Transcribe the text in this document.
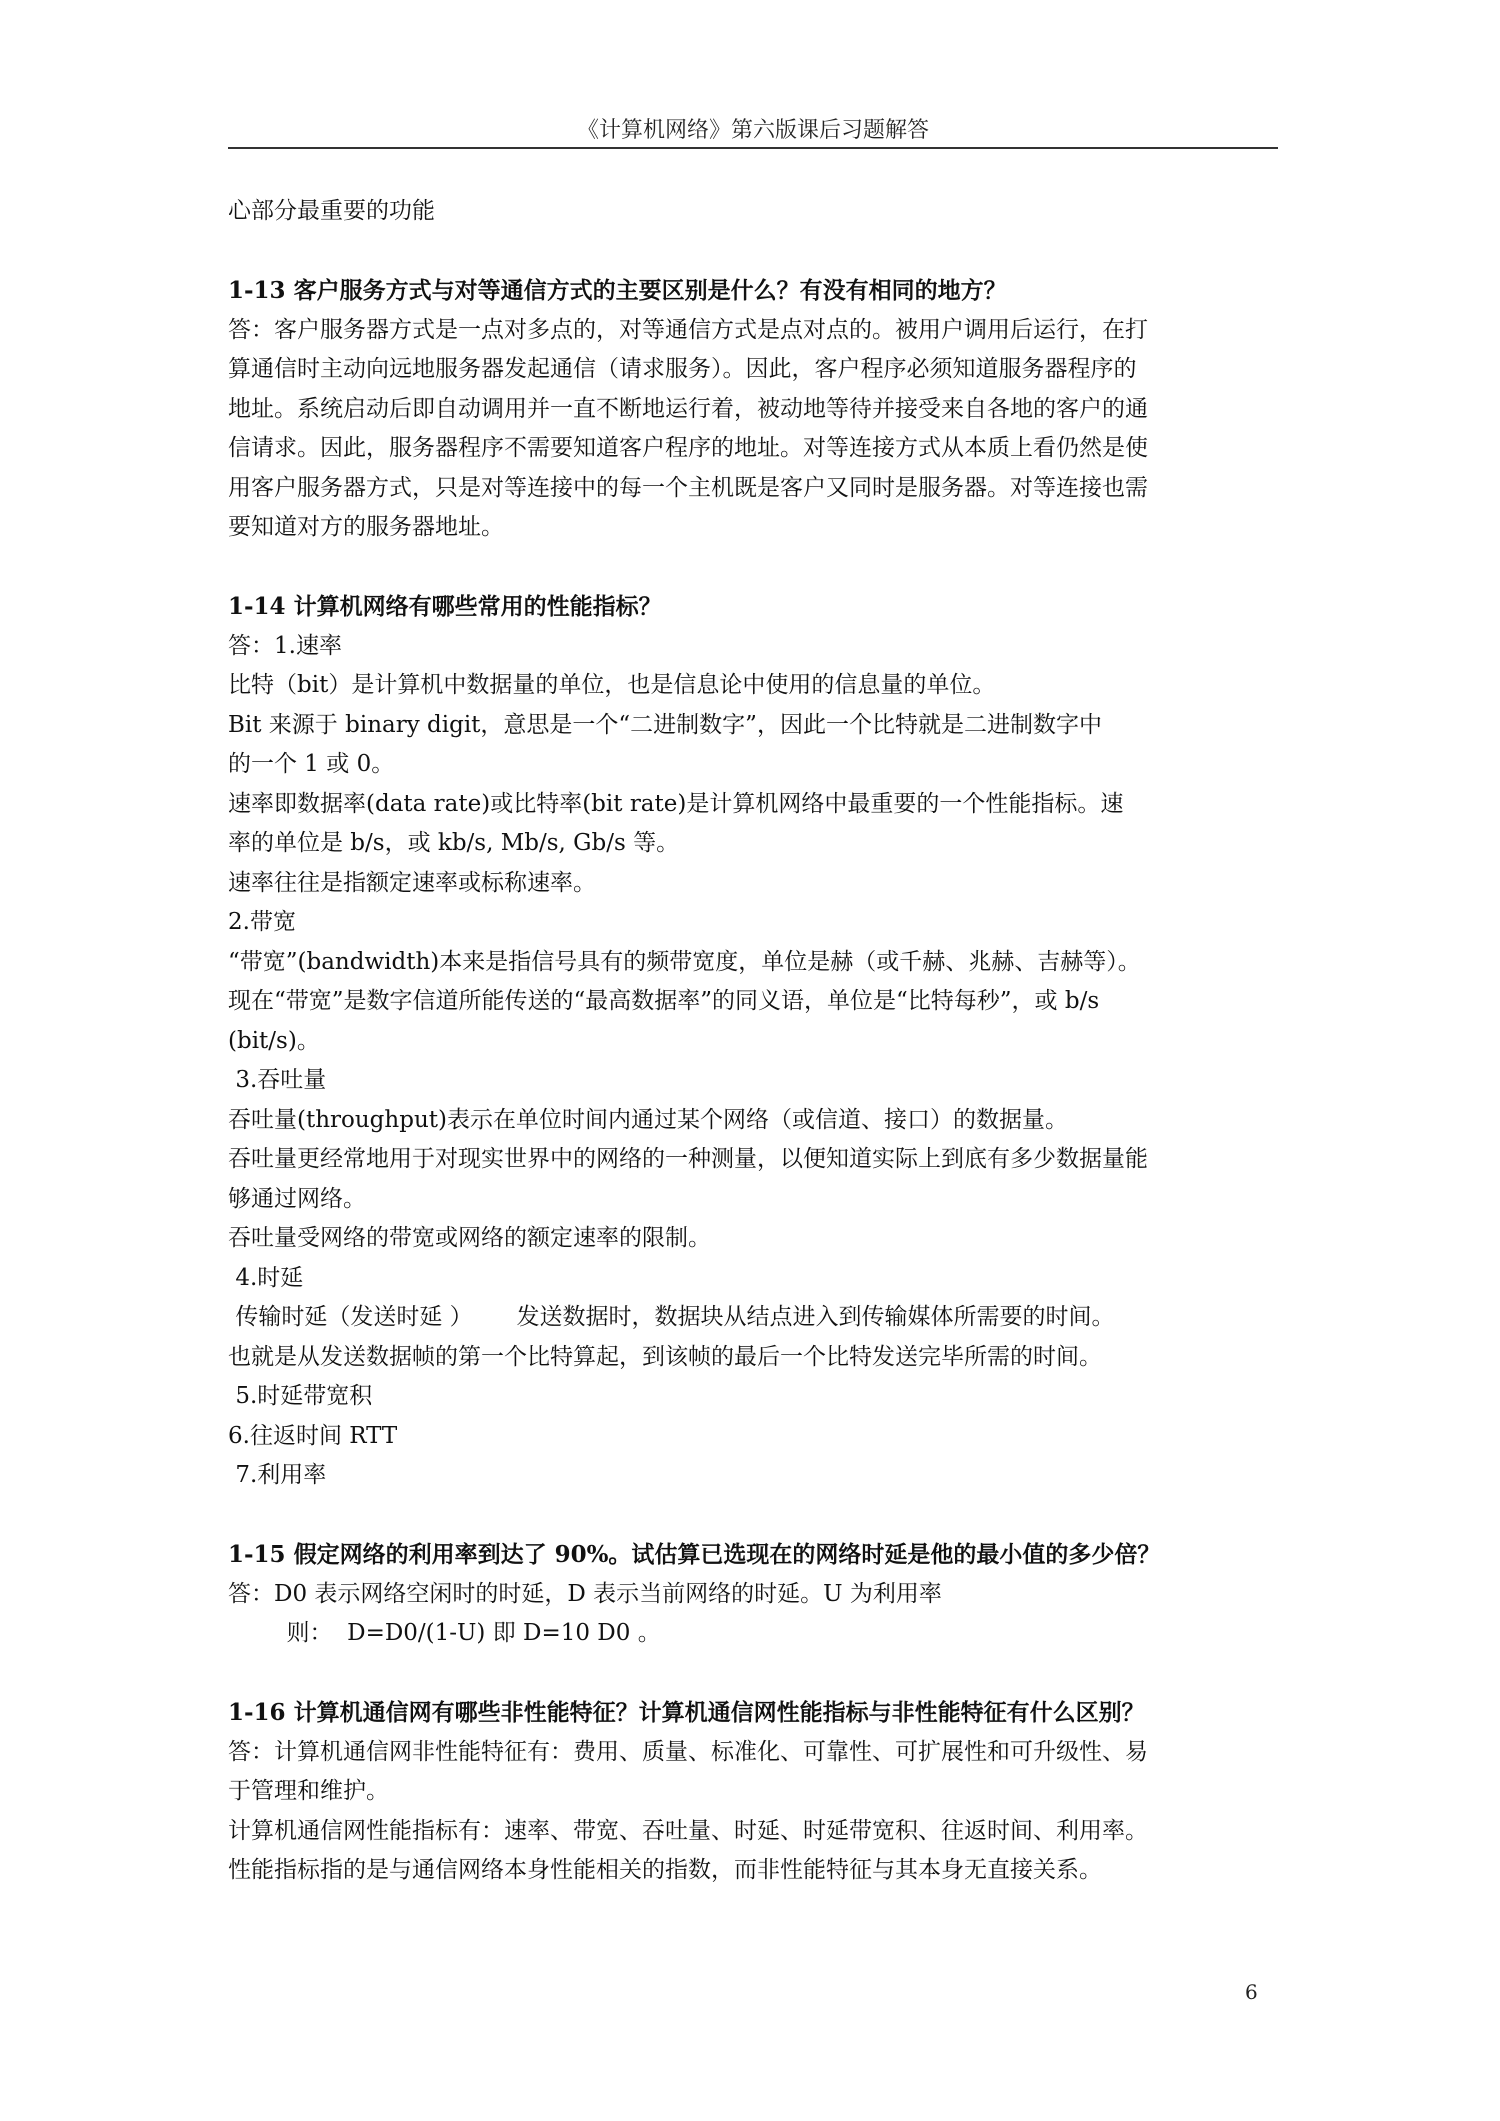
《计算机网络》第六版课后习题解答

心部分最重要的功能

1-13 客户服务方式与对等通信方式的主要区别是什么？有没有相同的地方？

答：客户服务器方式是一点对多点的，对等通信方式是点对点的。被用户调用后运行，在打

算通信时主动向远地服务器发起通信（请求服务）。因此，客户程序必须知道服务器程序的

地址。系统启动后即自动调用并一直不断地运行着，被动地等待并接受来自各地的客户的通

信请求。因此，服务器程序不需要知道客户程序的地址。对等连接方式从本质上看仍然是使

用客户服务器方式，只是对等连接中的每一个主机既是客户又同时是服务器。对等连接也需

要知道对方的服务器地址。

1-14 计算机网络有哪些常用的性能指标？

答：1.速率

比特（bit）是计算机中数据量的单位，也是信息论中使用的信息量的单位。

Bit 来源于 binary digit，意思是一个“二进制数字”，因此一个比特就是二进制数字中

的一个 1 或 0。

速率即数据率(data rate)或比特率(bit rate)是计算机网络中最重要的一个性能指标。速

率的单位是 b/s，或 kb/s, Mb/s, Gb/s 等。

速率往往是指额定速率或标称速率。

2.带宽

“带宽”(bandwidth)本来是指信号具有的频带宽度，单位是赫（或千赫、兆赫、吉赫等）。

现在“带宽”是数字信道所能传送的“最高数据率”的同义语，单位是“比特每秒”，或 b/s

(bit/s)。

3.吞吐量

吞吐量(throughput)表示在单位时间内通过某个网络（或信道、接口）的数据量。

吞吐量更经常地用于对现实世界中的网络的一种测量，以便知道实际上到底有多少数据量能

够通过网络。

吞吐量受网络的带宽或网络的额定速率的限制。

4.时延

传输时延（发送时延 ）      发送数据时，数据块从结点进入到传输媒体所需要的时间。

也就是从发送数据帧的第一个比特算起，到该帧的最后一个比特发送完毕所需的时间。

5.时延带宽积

6.往返时间 RTT

7.利用率

1-15 假定网络的利用率到达了 90%。试估算已选现在的网络时延是他的最小值的多少倍？

答：D0 表示网络空闲时的时延，D 表示当前网络的时延。U 为利用率

则：  D=D0/(1-U) 即 D=10 D0 。

1-16 计算机通信网有哪些非性能特征？计算机通信网性能指标与非性能特征有什么区别？

答：计算机通信网非性能特征有：费用、质量、标准化、可靠性、可扩展性和可升级性、易

于管理和维护。

计算机通信网性能指标有：速率、带宽、吞吐量、时延、时延带宽积、往返时间、利用率。

性能指标指的是与通信网络本身性能相关的指数，而非性能特征与其本身无直接关系。

6
